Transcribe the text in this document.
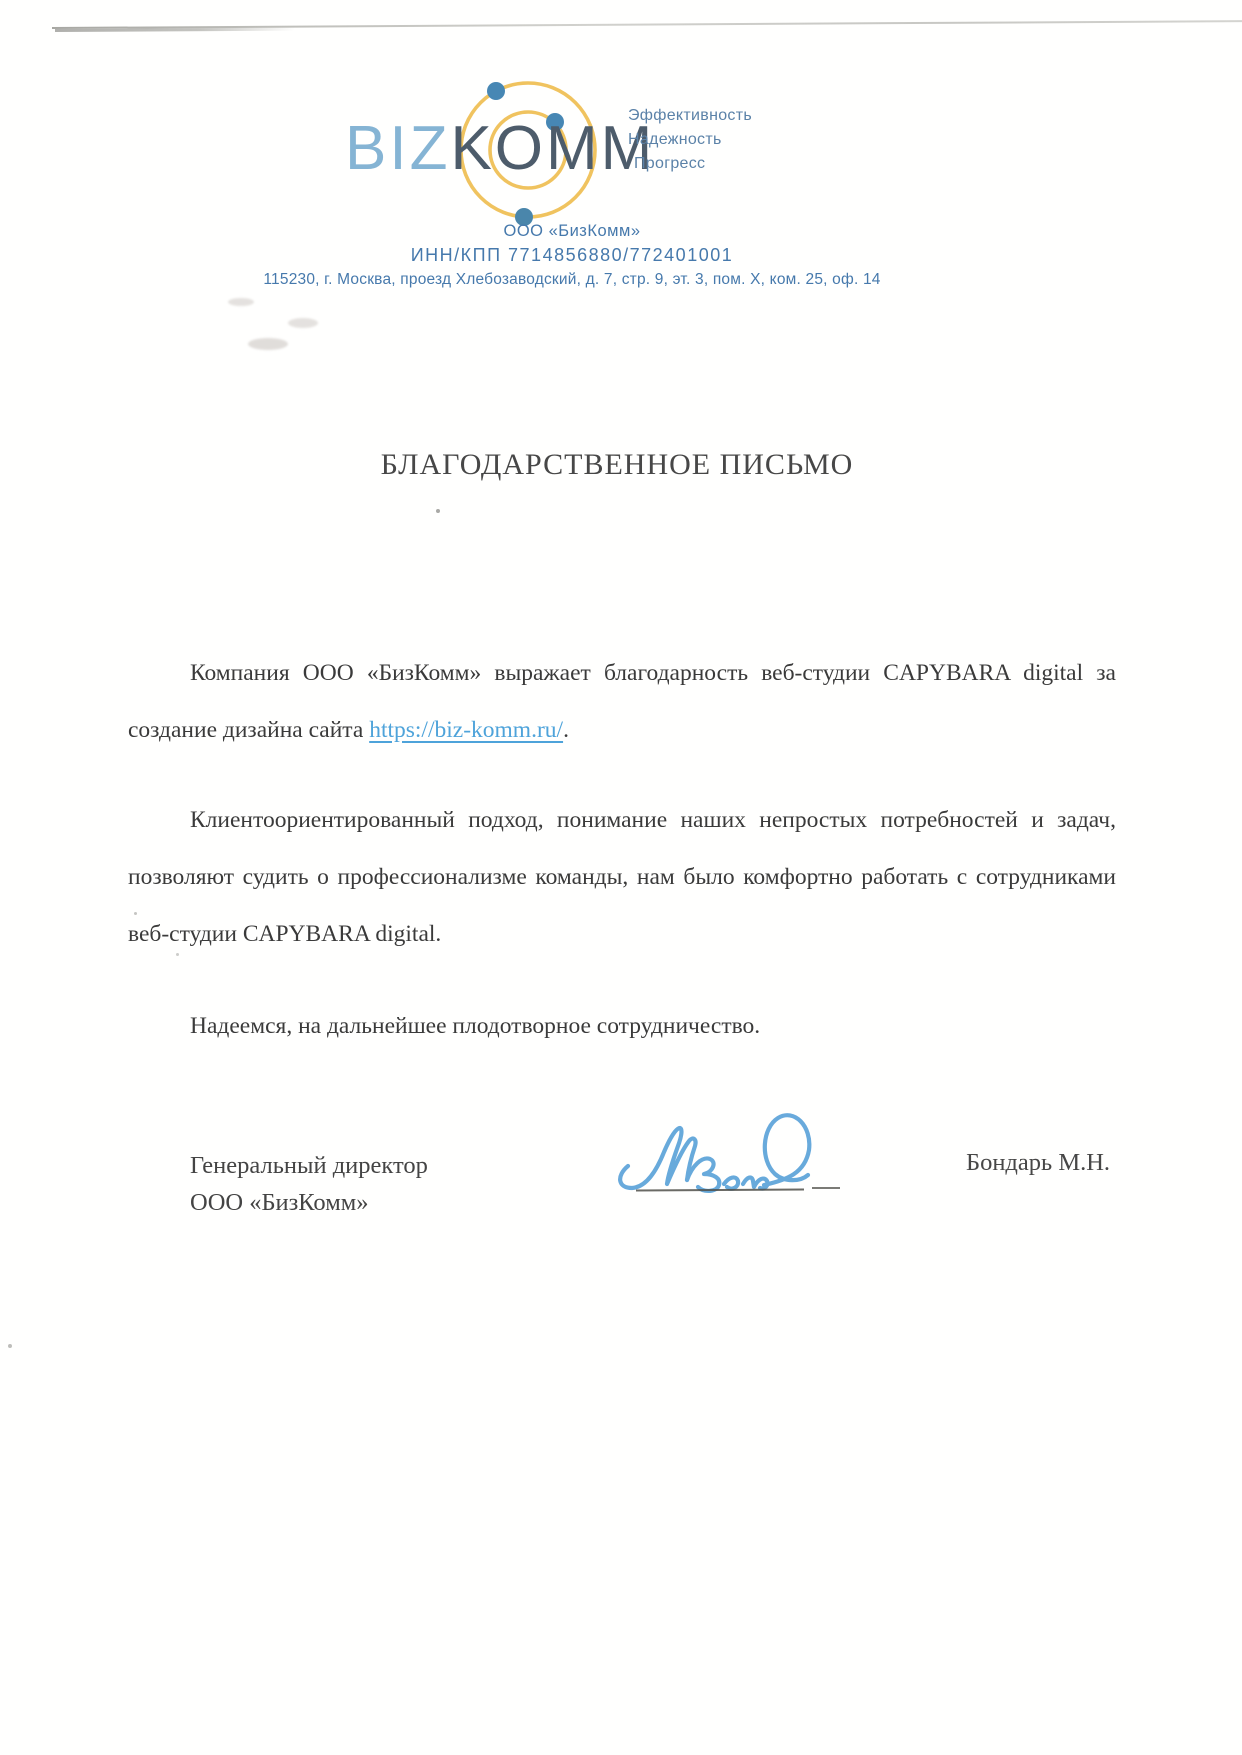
BIZKOMM
Эффективность
Надежность
Прогресс
ООО «БизКомм»
ИНН/КПП 7714856880/772401001
115230, г. Москва, проезд Хлебозаводский, д. 7, стр. 9, эт. 3, пом. X, ком. 25, оф. 14
БЛАГОДАРСТВЕННОЕ ПИСЬМО
Компания ООО «БизКомм» выражает благодарность веб-студии CAPYBARA digital за создание дизайна сайта https://biz-komm.ru/.
Клиентоориентированный подход, понимание наших непростых потребностей и задач, позволяют судить о профессионализме команды, нам было комфортно работать с сотрудниками веб-студии CAPYBARA digital.
Надеемся, на дальнейшее плодотворное сотрудничество.
Генеральный директор
ООО «БизКомм»
Бондарь М.Н.
